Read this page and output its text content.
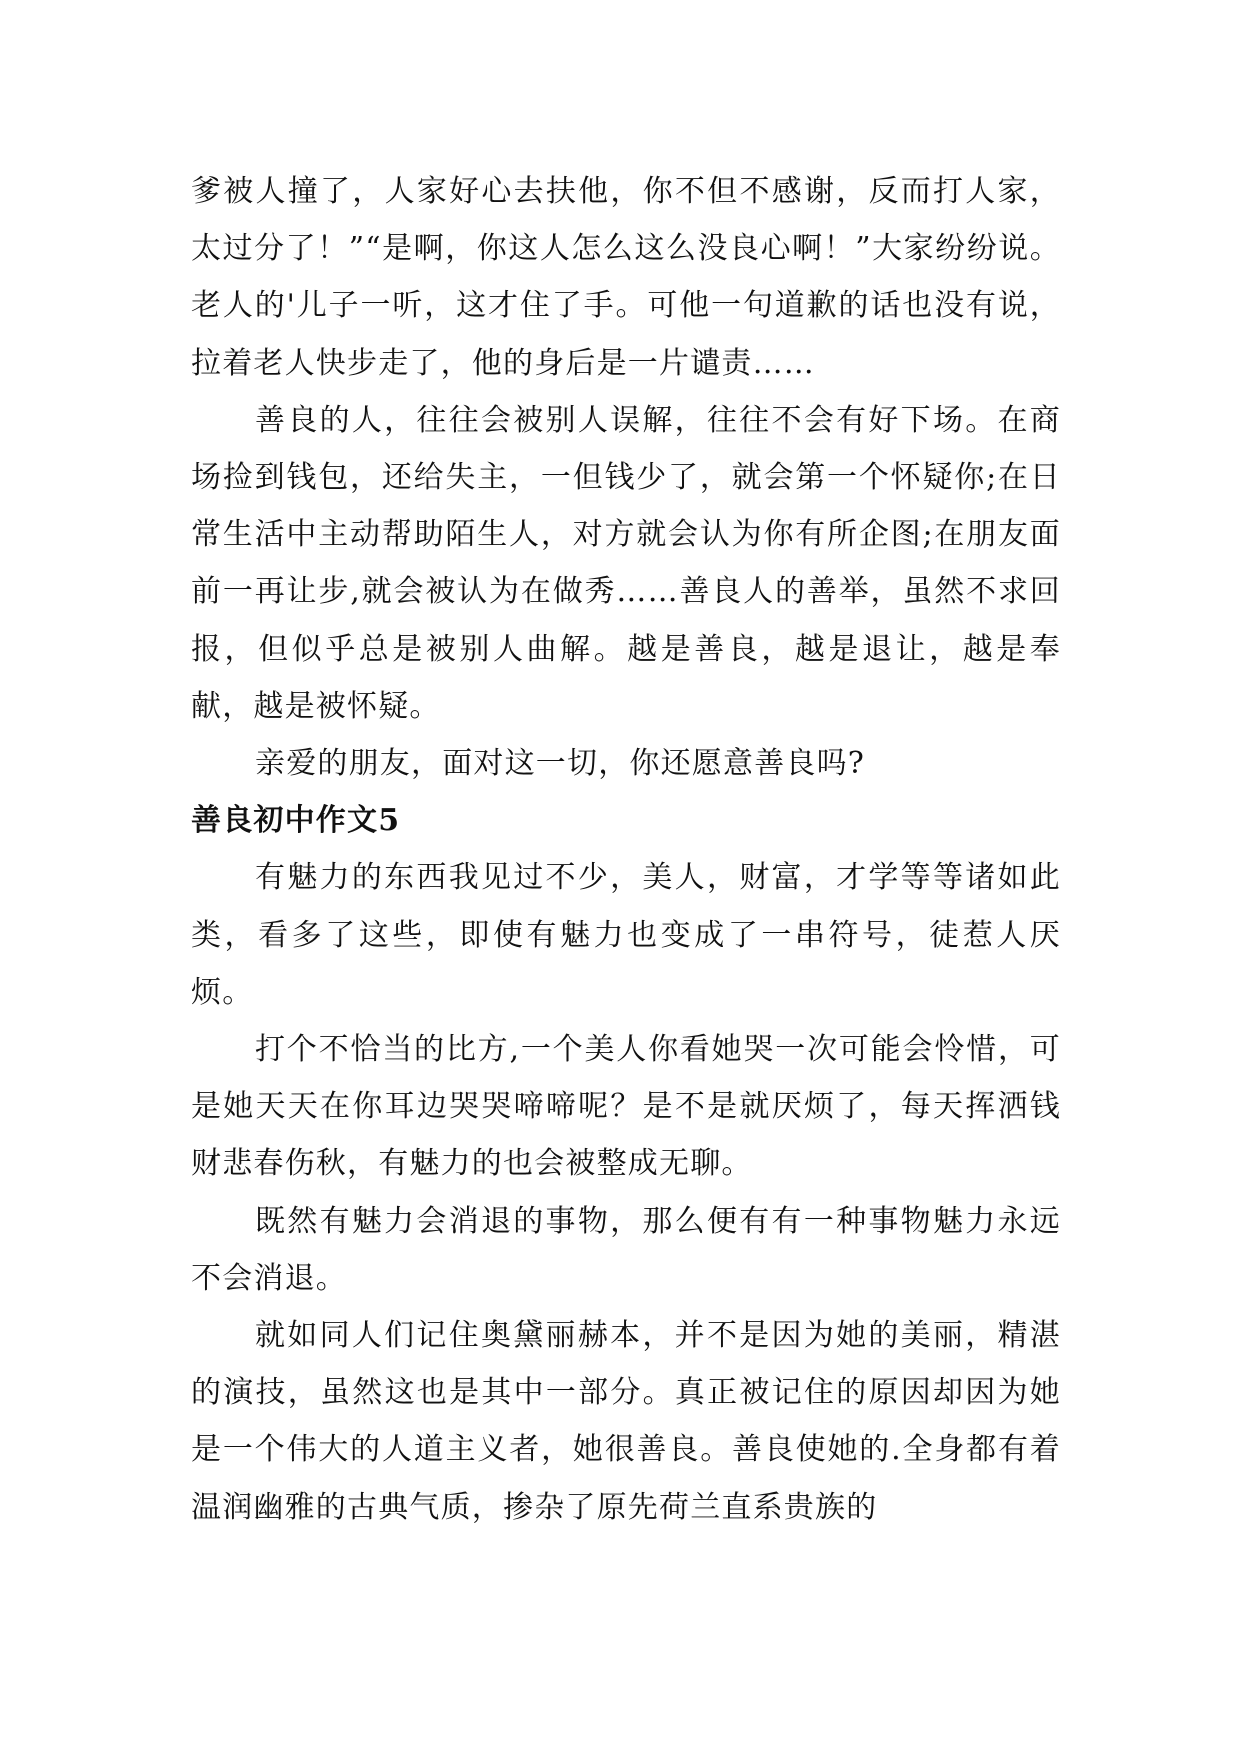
爹被人撞了，人家好心去扶他，你不但不感谢，反而打人家，太过分了！”“是啊，你这人怎么这么没良心啊！”大家纷纷说。老人的'儿子一听，这才住了手。可他一句道歉的话也没有说，拉着老人快步走了，他的身后是一片谴责……

善良的人，往往会被别人误解，往往不会有好下场。在商场捡到钱包，还给失主，一但钱少了，就会第一个怀疑你;在日常生活中主动帮助陌生人，对方就会认为你有所企图;在朋友面前一再让步,就会被认为在做秀……善良人的善举，虽然不求回报，但似乎总是被别人曲解。越是善良，越是退让，越是奉献，越是被怀疑。

亲爱的朋友，面对这一切，你还愿意善良吗?

善良初中作文5

有魅力的东西我见过不少，美人，财富，才学等等诸如此类，看多了这些，即使有魅力也变成了一串符号，徒惹人厌烦。

打个不恰当的比方,一个美人你看她哭一次可能会怜惜，可是她天天在你耳边哭哭啼啼呢？是不是就厌烦了，每天挥洒钱财悲春伤秋，有魅力的也会被整成无聊。

既然有魅力会消退的事物，那么便有有一种事物魅力永远不会消退。

就如同人们记住奥黛丽赫本，并不是因为她的美丽，精湛的演技，虽然这也是其中一部分。真正被记住的原因却因为她是一个伟大的人道主义者，她很善良。善良使她的.全身都有着温润幽雅的古典气质，掺杂了原先荷兰直系贵族的
